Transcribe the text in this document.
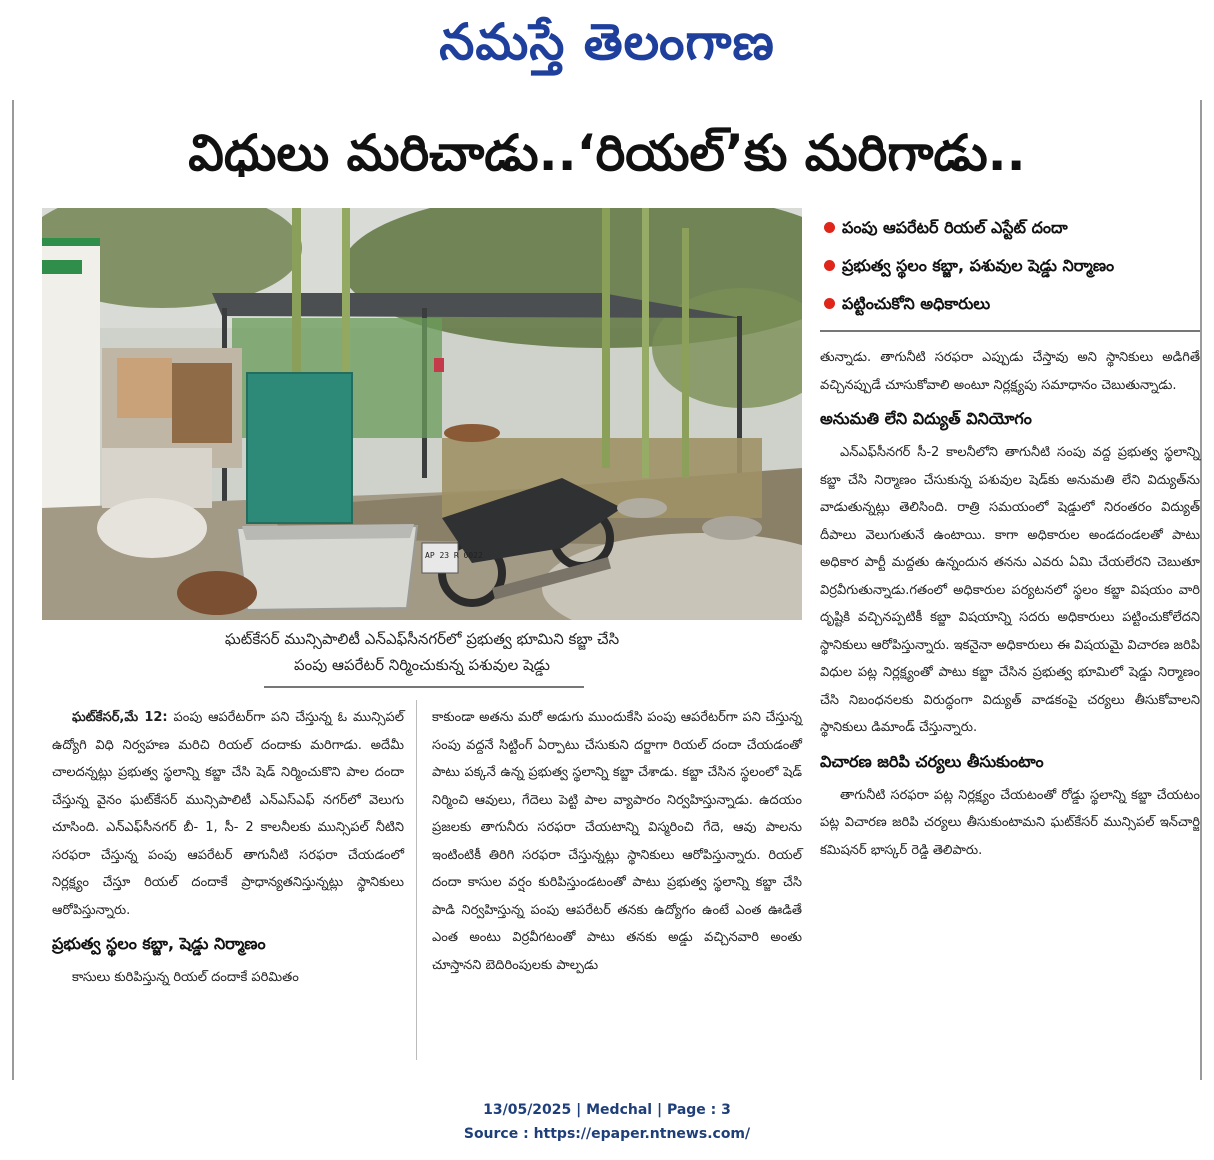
నమస్తే తెలంగాణ
విధులు మరిచాడు..‘రియల్’కు మరిగాడు..
AP 23 R 0022
ఘట్‌కేసర్ మున్సిపాలిటీ ఎన్ఎఫ్‌సీనగర్‌లో ప్రభుత్వ భూమిని కబ్జా చేసి
పంపు ఆపరేటర్ నిర్మించుకున్న పశువుల షెడ్డు
పంపు ఆపరేటర్ రియల్ ఎస్టేట్ దందా
ప్రభుత్వ స్థలం కబ్జా, పశువుల షెడ్డు నిర్మాణం
పట్టించుకోని అధికారులు

ఘట్‌కేసర్,మే 12: పంపు ఆపరేటర్‌గా పని చేస్తున్న ఓ మున్సిపల్ ఉద్యోగి విధి నిర్వహణ మరిచి రియల్ దందాకు మరిగాడు. అదేమీ చాలదన్నట్లు ప్రభుత్వ స్థలాన్ని కబ్జా చేసి షెడ్ నిర్మించుకొని పాల దందా చేస్తున్న వైనం ఘట్‌కేసర్ మున్సిపాలిటీ ఎన్ఎస్ఎఫ్ నగర్‌లో వెలుగు చూసింది. ఎన్ఎఫ్‌సీనగర్ బీ- 1, సీ- 2 కాలనీలకు మున్సిపల్ నీటిని సరఫరా చేస్తున్న పంపు ఆపరేటర్ తాగునీటి సరఫరా చేయడంలో నిర్లక్ష్యం చేస్తూ రియల్ దందాకే ప్రాధాన్యతనిస్తున్నట్లు స్థానికులు ఆరోపిస్తున్నారు.

ప్రభుత్వ స్థలం కబ్జా, షెడ్డు నిర్మాణం

కాసులు కురిపిస్తున్న రియల్ దందాకే పరిమితం

కాకుండా అతను మరో అడుగు ముందుకేసి పంపు ఆపరేటర్‌గా పని చేస్తున్న సంపు వద్దనే సిట్టింగ్ ఏర్పాటు చేసుకుని దర్జాగా రియల్ దందా చేయడంతో పాటు పక్కనే ఉన్న ప్రభుత్వ స్థలాన్ని కబ్జా చేశాడు. కబ్జా చేసిన స్థలంలో షెడ్ నిర్మించి ఆవులు, గేదెలు పెట్టి పాల వ్యాపారం నిర్వహిస్తున్నాడు. ఉదయం ప్రజలకు తాగునీరు సరఫరా చేయటాన్ని విస్మరించి గేదె, ఆవు పాలను ఇంటింటికీ తిరిగి సరఫరా చేస్తున్నట్లు స్థానికులు ఆరోపిస్తున్నారు. రియల్ దందా కాసుల వర్షం కురిపిస్తుండటంతో పాటు ప్రభుత్వ స్థలాన్ని కబ్జా చేసి పాడి నిర్వహిస్తున్న పంపు ఆపరేటర్ తనకు ఉద్యోగం ఉంటే ఎంత ఊడితే ఎంత అంటు విర్రవీగటంతో పాటు తనకు అడ్డు వచ్చినవారి అంతు చూస్తానని బెదిరింపులకు పాల్పడు

తున్నాడు. తాగునీటి సరఫరా ఎప్పుడు చేస్తావు అని స్థానికులు అడిగితే వచ్చినప్పుడే చూసుకోవాలి అంటూ నిర్లక్ష్యపు సమాధానం చెబుతున్నాడు.

అనుమతి లేని విద్యుత్ వినియోగం

ఎన్ఎఫ్‌సీనగర్ సీ-2 కాలనీలోని తాగునీటి సంపు వద్ద ప్రభుత్వ స్థలాన్ని కబ్జా చేసి నిర్మాణం చేసుకున్న పశువుల షెడ్‌కు అనుమతి లేని విద్యుత్‌ను వాడుతున్నట్లు తెలిసింది. రాత్రి సమయంలో షెడ్డులో నిరంతరం విద్యుత్ దీపాలు వెలుగుతునే ఉంటాయి. కాగా అధికారుల అండదండలతో పాటు అధికార పార్టీ మద్దతు ఉన్నందున తనను ఎవరు ఏమి చేయలేరని చెబుతూ విర్రవీగుతున్నాడు.గతంలో అధికారుల పర్యటనలో స్థలం కబ్జా విషయం వారి దృష్టికి వచ్చినప్పటికీ కబ్జా విషయాన్ని సదరు అధికారులు పట్టించుకోలేదని స్థానికులు ఆరోపిస్తున్నారు. ఇకనైనా అధికారులు ఈ విషయమై విచారణ జరిపి విధుల పట్ల నిర్లక్ష్యంతో పాటు కబ్జా చేసిన ప్రభుత్వ భూమిలో షెడ్డు నిర్మాణం చేసి నిబంధనలకు విరుద్ధంగా విద్యుత్ వాడకంపై చర్యలు తీసుకోవాలని స్థానికులు డిమాండ్ చేస్తున్నారు.

విచారణ జరిపి చర్యలు తీసుకుంటాం

తాగునీటి సరఫరా పట్ల నిర్లక్ష్యం చేయటంతో రోడ్డు స్థలాన్ని కబ్జా చేయటం పట్ల విచారణ జరిపి చర్యలు తీసుకుంటామని ఘట్‌కేసర్ మున్సిపల్ ఇన్‌చార్జి కమిషనర్ భాస్కర్ రెడ్డి తెలిపారు.

13/05/2025 | Medchal | Page : 3
Source : https://epaper.ntnews.com/
